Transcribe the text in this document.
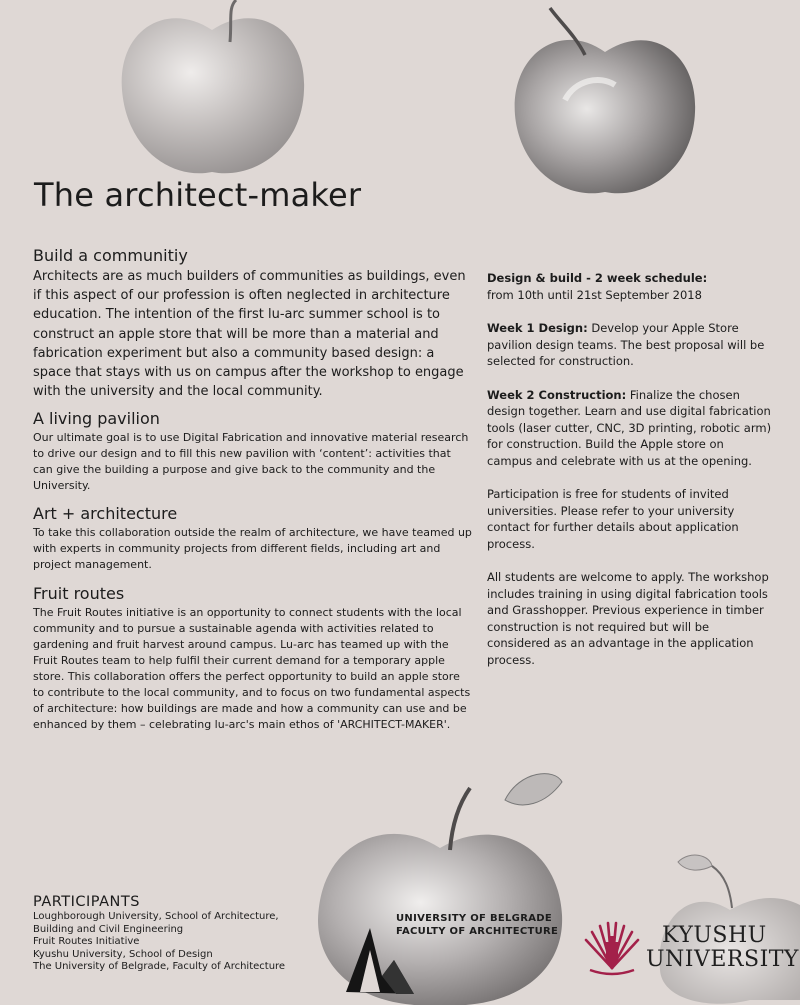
The architect-maker
Build a communitiy

Architects are as much builders of communities as buildings, even if this aspect of our profession is often neglected in architecture education. The intention of the first lu-arc summer school is to construct an apple store that will be more than a material and fabrication experiment but also a community based design: a space that stays with us on campus after the workshop to engage with the university and the local community.

A living pavilion

Our ultimate goal is to use Digital Fabrication and innovative material research to drive our design and to fill this new pavilion with ‘content’: activities that can give the building a purpose and give back to the community and the University.

Art + architecture

To take this collaboration outside the realm of architecture, we have teamed up with experts in community projects from different fields, including art and project management.

Fruit routes

The Fruit Routes initiative is an opportunity to connect students with the local community and to pursue a sustainable agenda with activities related to gardening and fruit harvest around campus. Lu-arc has teamed up with the Fruit Routes team to help fulfil their current demand for a temporary apple store. This collaboration offers the perfect opportunity to build an apple store to contribute to the local community, and to focus on two fundamental aspects of architecture: how buildings are made and how a community can use and be enhanced by them – celebrating lu-arc's main ethos of 'ARCHITECT-MAKER'.

Design & build - 2 week schedule:

from 10th until 21st September 2018

Week 1 Design: Develop your Apple Store pavilion design teams. The best proposal will be selected for construction.

Week 2 Construction: Finalize the chosen design together. Learn and use digital fabrication tools (laser cutter, CNC, 3D printing, robotic arm) for construction. Build the Apple store on campus and celebrate with us at the opening.

Participation is free for students of invited universities. Please refer to your university contact for further details about application process.

All students are welcome to apply. The workshop includes training in using digital fabrication tools and Grasshopper. Previous experience in timber construction is not required but will be considered as an advantage in the application process.

PARTICIPANTS
Loughborough University, School of Architecture,
Building and Civil Engineering
Fruit Routes Initiative
Kyushu University, School of Design
The University of Belgrade, Faculty of Architecture
UNIVERSITY OF BELGRADE
FACULTY OF ARCHITECTURE	KYUSHU
UNIVERSITY
